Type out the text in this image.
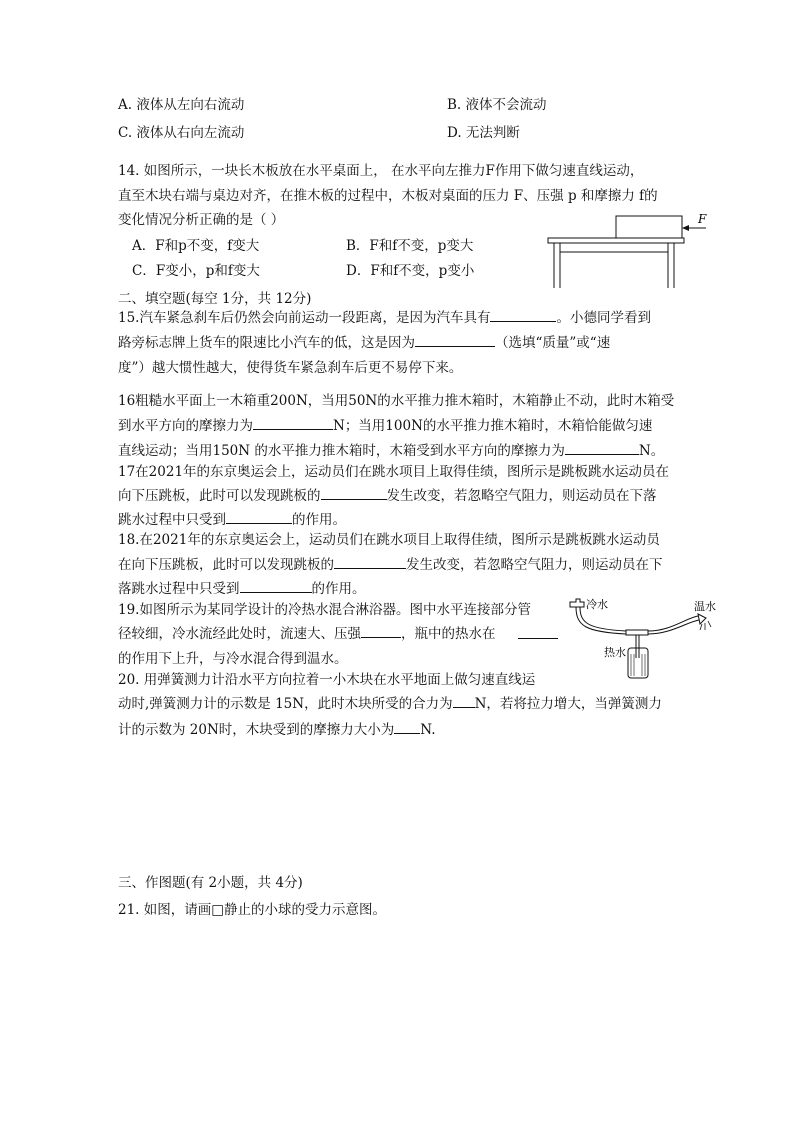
A. 液体从左向右流动	B. 液体不会流动
C. 液体从右向左流动	D. 无法判断
14. 如图所示，一块长木板放在水平桌面上， 在水平向左推力F作用下做匀速直线运动，
直至木块右端与桌边对齐，在推木板的过程中，木板对桌面的压力 F、压强 p 和摩擦力 f的
变化情况分析正确的是（ ）
A．F和p不变，f变大	B．F和f不变，p变大
C．F变小，p和f变大	D．F和f不变，p变小
F
二、填空题(每空 1分，共 12分)
15.汽车紧急刹车后仍然会向前运动一段距离，是因为汽车具有	。小德同学看到
路旁标志牌上货车的限速比小汽车的低，这是因为	（选填“质量”或“速
度”）越大惯性越大，使得货车紧急刹车后更不易停下来。
16粗糙水平面上一木箱重200N，当用50N的水平推力推木箱时，木箱静止不动，此时木箱受
到水平方向的摩擦力为	N；当用100N的水平推力推木箱时，木箱恰能做匀速
直线运动；当用150N 的水平推力推木箱时，木箱受到水平方向的摩擦力为	N。
17在2021年的东京奥运会上，运动员们在跳水项目上取得佳绩，图所示是跳板跳水运动员在
向下压跳板，此时可以发现跳板的	发生改变，若忽略空气阻力，则运动员在下落
跳水过程中只受到	的作用。
18.在2021年的东京奥运会上，运动员们在跳水项目上取得佳绩，图所示是跳板跳水运动员
在向下压跳板，此时可以发现跳板的	发生改变，若忽略空气阻力，则运动员在下
落跳水过程中只受到	的作用。
19.如图所示为某同学设计的冷热水混合淋浴器。图中水平连接部分管
径较细，冷水流经此处时，流速大、压强	，瓶中的热水在
的作用下上升，与冷水混合得到温水。
冷水	温水
热水
20. 用弹簧测力计沿水平方向拉着一小木块在水平地面上做匀速直线运
动时,弹簧测力计的示数是 15N，此时木块所受的合力为 N，若将拉力增大，当弹簧测力
计的示数为 20N时，木块受到的摩擦力大小为 N.
三、作图题(有 2小题，共 4分)
21. 如图，请画□静止的小球的受力示意图。
